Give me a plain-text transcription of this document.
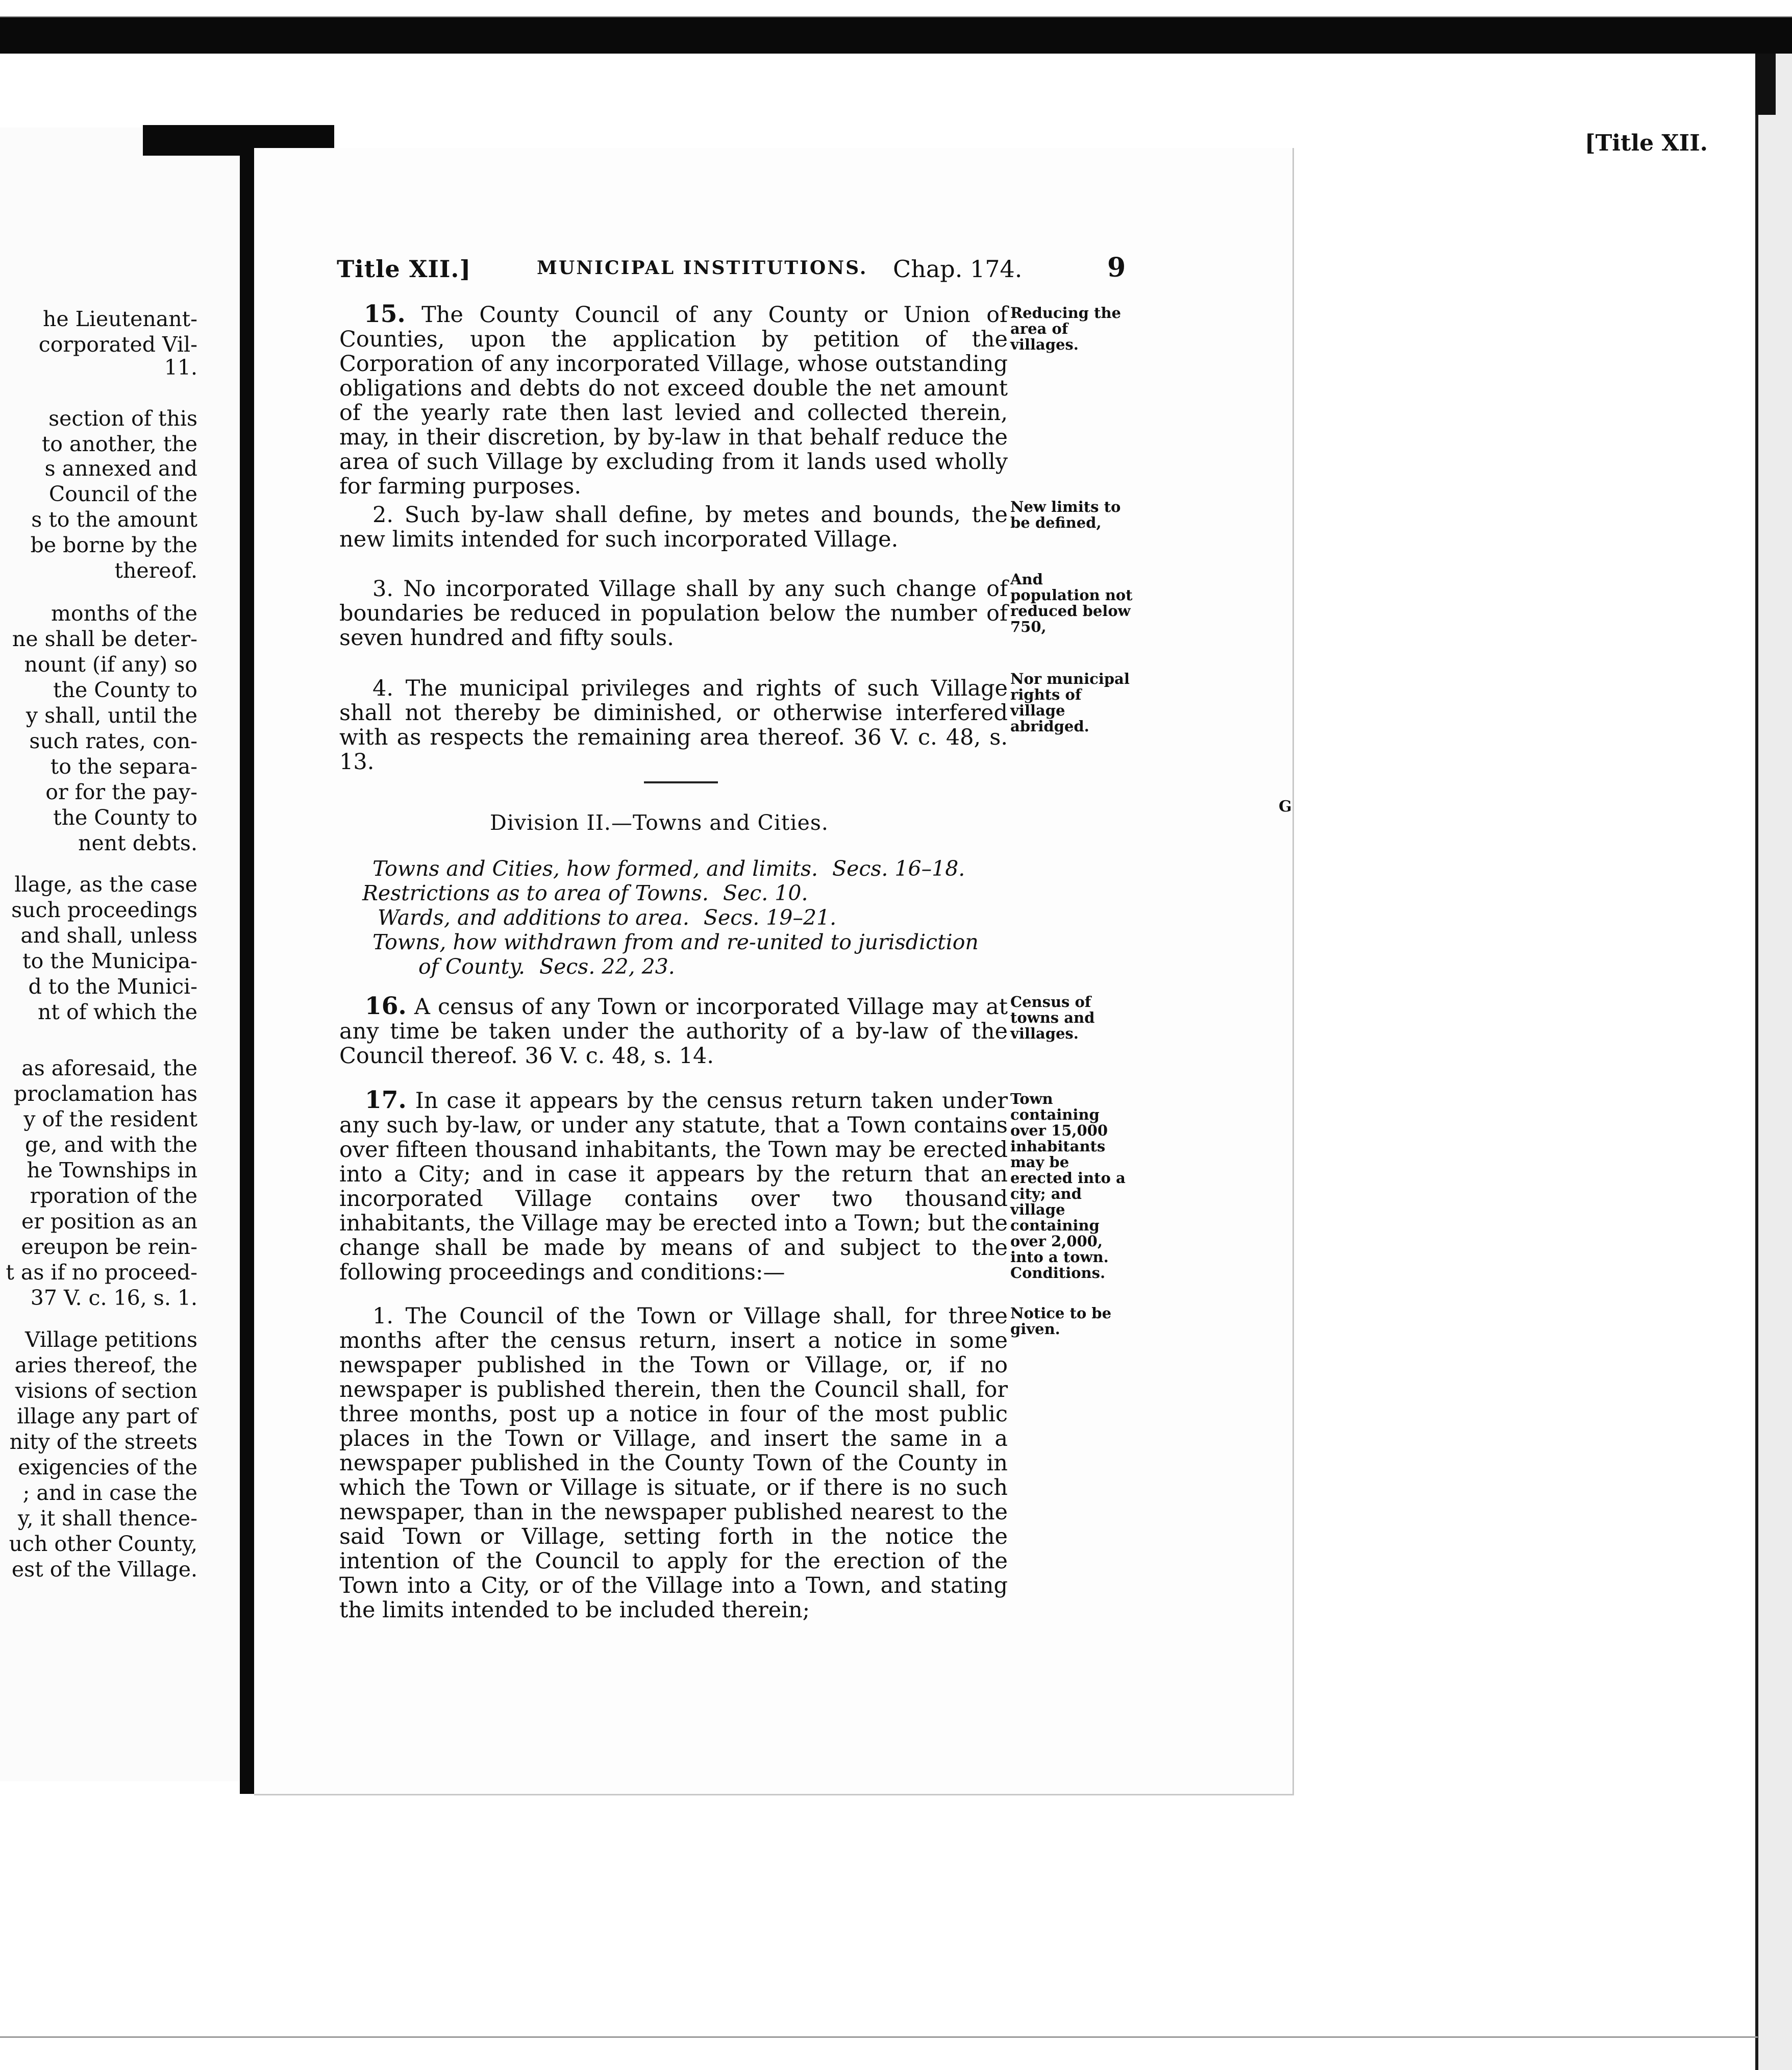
[Title XII.
he Lieutenant-
corporated Vil-
11.
section of this
to another, the
s annexed and
Council of the
s to the amount
be borne by the
thereof.
months of the
ne shall be deter-
nount (if any) so
the County to
y shall, until the
such rates, con-
to the separa-
or for the pay-
the County to
nent debts.
llage, as the case
such proceedings
and shall, unless
to the Municipa-
d to the Munici-
nt of which the
as aforesaid, the
proclamation has
y of the resident
ge, and with the
he Townships in
rporation of the
er position as an
ereupon be rein-
t as if no proceed-
37 V. c. 16, s. 1.
Village petitions
aries thereof, the
visions of section
illage any part of
nity of the streets
exigencies of the
; and in case the
y, it shall thence-
uch other County,
est of the Village.
Title XII.]	MUNICIPAL INSTITUTIONS. Chap. 174.	9
15. The County Council of any County or Union of Counties, upon the application by petition of the Corporation of any incorporated Village, whose outstanding obligations and debts do not exceed double the net amount of the yearly rate then last levied and collected therein, may, in their discretion, by by-law in that behalf reduce the area of such Village by excluding from it lands used wholly for farming purposes.
Reducing the area of villages.
2. Such by-law shall define, by metes and bounds, the new limits intended for such incorporated Village.
New limits to be defined,
3. No incorporated Village shall by any such change of boundaries be reduced in population below the number of seven hundred and fifty souls.
And population not reduced below 750,
4. The municipal privileges and rights of such Village shall not thereby be diminished, or otherwise interfered with as respects the remaining area thereof. 36 V. c. 48, s. 13.
Nor municipal rights of village abridged.
Division II.—Towns and Cities.
Towns and Cities, how formed, and limits. Secs. 16–18.
Restrictions as to area of Towns. Sec. 10.
Wards, and additions to area. Secs. 19–21.
Towns, how withdrawn from and re-united to jurisdiction
of County. Secs. 22, 23.
16. A census of any Town or incorporated Village may at any time be taken under the authority of a by-law of the Council thereof. 36 V. c. 48, s. 14.
Census of towns and villages.
17. In case it appears by the census return taken under any such by-law, or under any statute, that a Town contains over fifteen thousand inhabitants, the Town may be erected into a City; and in case it appears by the return that an incorporated Village contains over two thousand inhabitants, the Village may be erected into a Town; but the change shall be made by means of and subject to the following proceedings and conditions:—
Town containing over 15,000 inhabitants may be erected into a city; and village containing over 2,000, into a town. Conditions.
1. The Council of the Town or Village shall, for three months after the census return, insert a notice in some newspaper published in the Town or Village, or, if no newspaper is published therein, then the Council shall, for three months, post up a notice in four of the most public places in the Town or Village, and insert the same in a newspaper published in the County Town of the County in which the Town or Village is situate, or if there is no such newspaper, than in the newspaper published nearest to the said Town or Village, setting forth in the notice the intention of the Council to apply for the erection of the Town into a City, or of the Village into a Town, and stating the limits intended to be included therein;
Notice to be given.
G
